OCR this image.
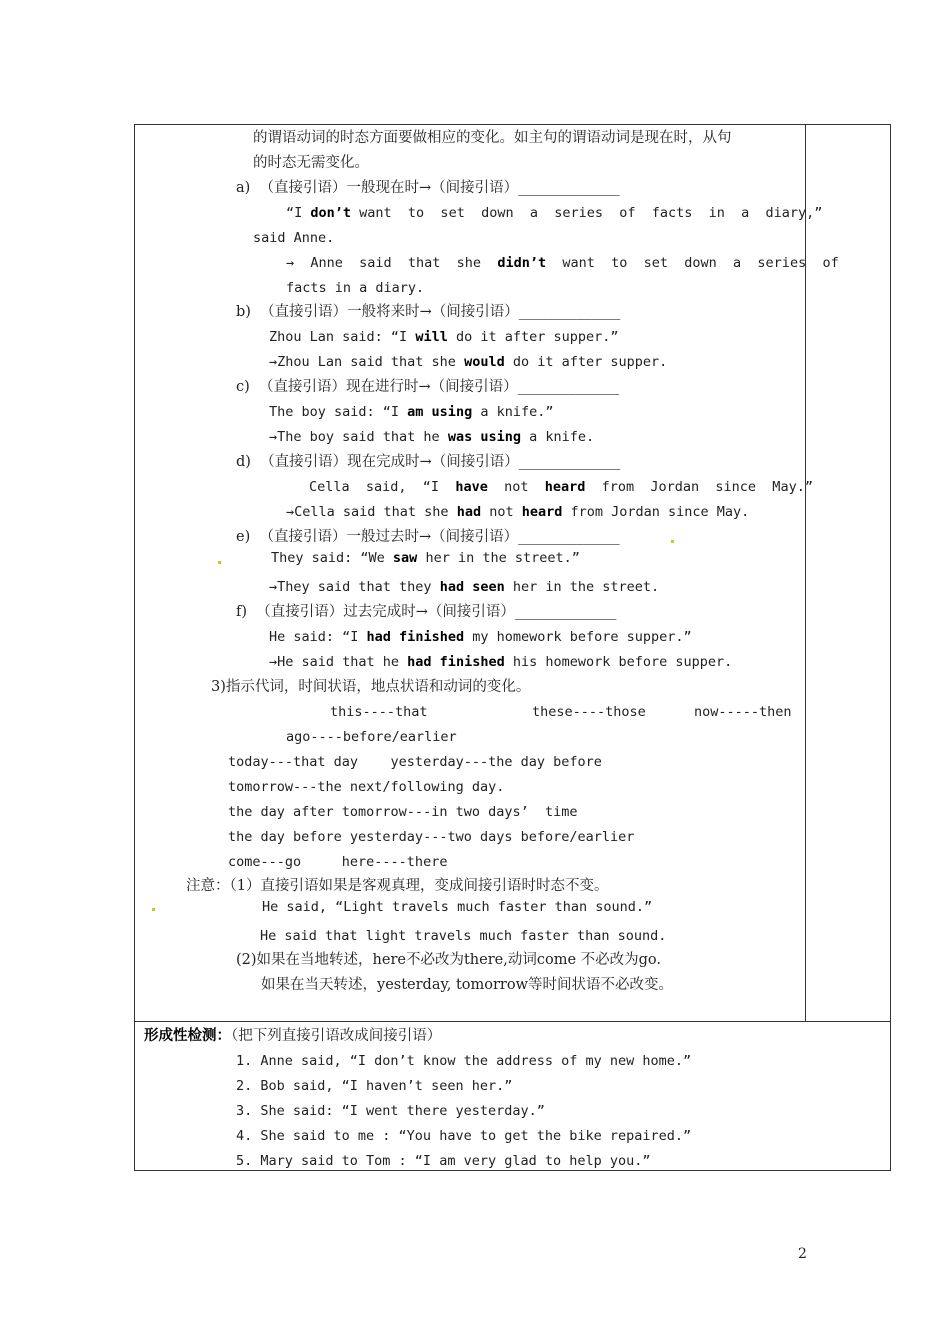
的谓语动词的时态方面要做相应的变化。如主句的谓语动词是现在时，从句
的时态无需变化。
a)  （直接引语）一般现在时→（间接引语）______________
“I don’t want  to  set  down  a  series  of  facts  in  a  diary,”
said Anne.
→  Anne  said  that  she  didn’t  want  to  set  down  a  series  of
facts in a diary.
b)  （直接引语）一般将来时→（间接引语）______________
Zhou Lan said: “I will do it after supper.”
→Zhou Lan said that she would do it after supper.
c)  （直接引语）现在进行时→（间接引语）______________
The boy said: “I am using a knife.”
→The boy said that he was using a knife.
d)  （直接引语）现在完成时→（间接引语）______________
Cella  said,  “I  have  not  heard  from  Jordan  since  May.”
→Cella said that she had not heard from Jordan since May.
e)  （直接引语）一般过去时→（间接引语）______________
They said: “We saw her in the street.”
→They said that they had seen her in the street.
f)  （直接引语）过去完成时→（间接引语）______________
He said: “I had finished my homework before supper.”
→He said that he had finished his homework before supper.
3)指示代词，时间状语，地点状语和动词的变化。
this----that	these----those	now-----then
ago----before/earlier
today---that day    yesterday---the day before
tomorrow---the next/following day.
the day after tomorrow---in two days’  time
the day before yesterday---two days before/earlier
come---go     here----there
注意：（1）直接引语如果是客观真理，变成间接引语时时态不变。
He said, “Light travels much faster than sound.”
He said that light travels much faster than sound.
(2)如果在当地转述，here不必改为there,动词come 不必改为go.
如果在当天转述，yesterday, tomorrow等时间状语不必改变。
形成性检测：（把下列直接引语改成间接引语）
1. Anne said, “I don’t know the address of my new home.”
2. Bob said, “I haven’t seen her.”
3. She said: “I went there yesterday.”
4. She said to me : “You have to get the bike repaired.”
5. Mary said to Tom : “I am very glad to help you.”
2
